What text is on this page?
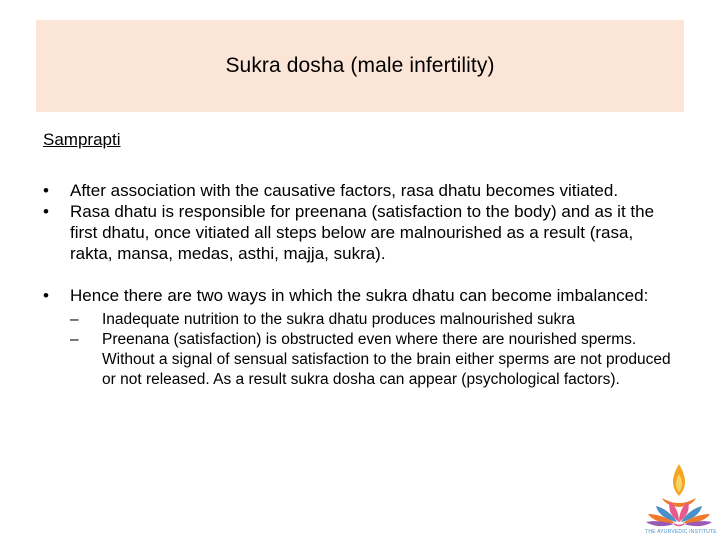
Sukra dosha (male infertility)
Samprapti
• After association with the causative factors, rasa dhatu becomes vitiated.
• Rasa dhatu is responsible for preenana (satisfaction to the body) and as it the first dhatu, once vitiated all steps below are malnourished as a result (rasa, rakta, mansa, medas, asthi, majja, sukra).
• Hence there are two ways in which the sukra dhatu can become imbalanced:
– Inadequate nutrition to the sukra dhatu produces malnourished sukra
– Preenana (satisfaction) is obstructed even where there are nourished sperms. Without a signal of sensual satisfaction to the brain either sperms are not produced or not released. As a result sukra dosha can appear (psychological factors).
THE AYURVEDIC INSTITUTE
